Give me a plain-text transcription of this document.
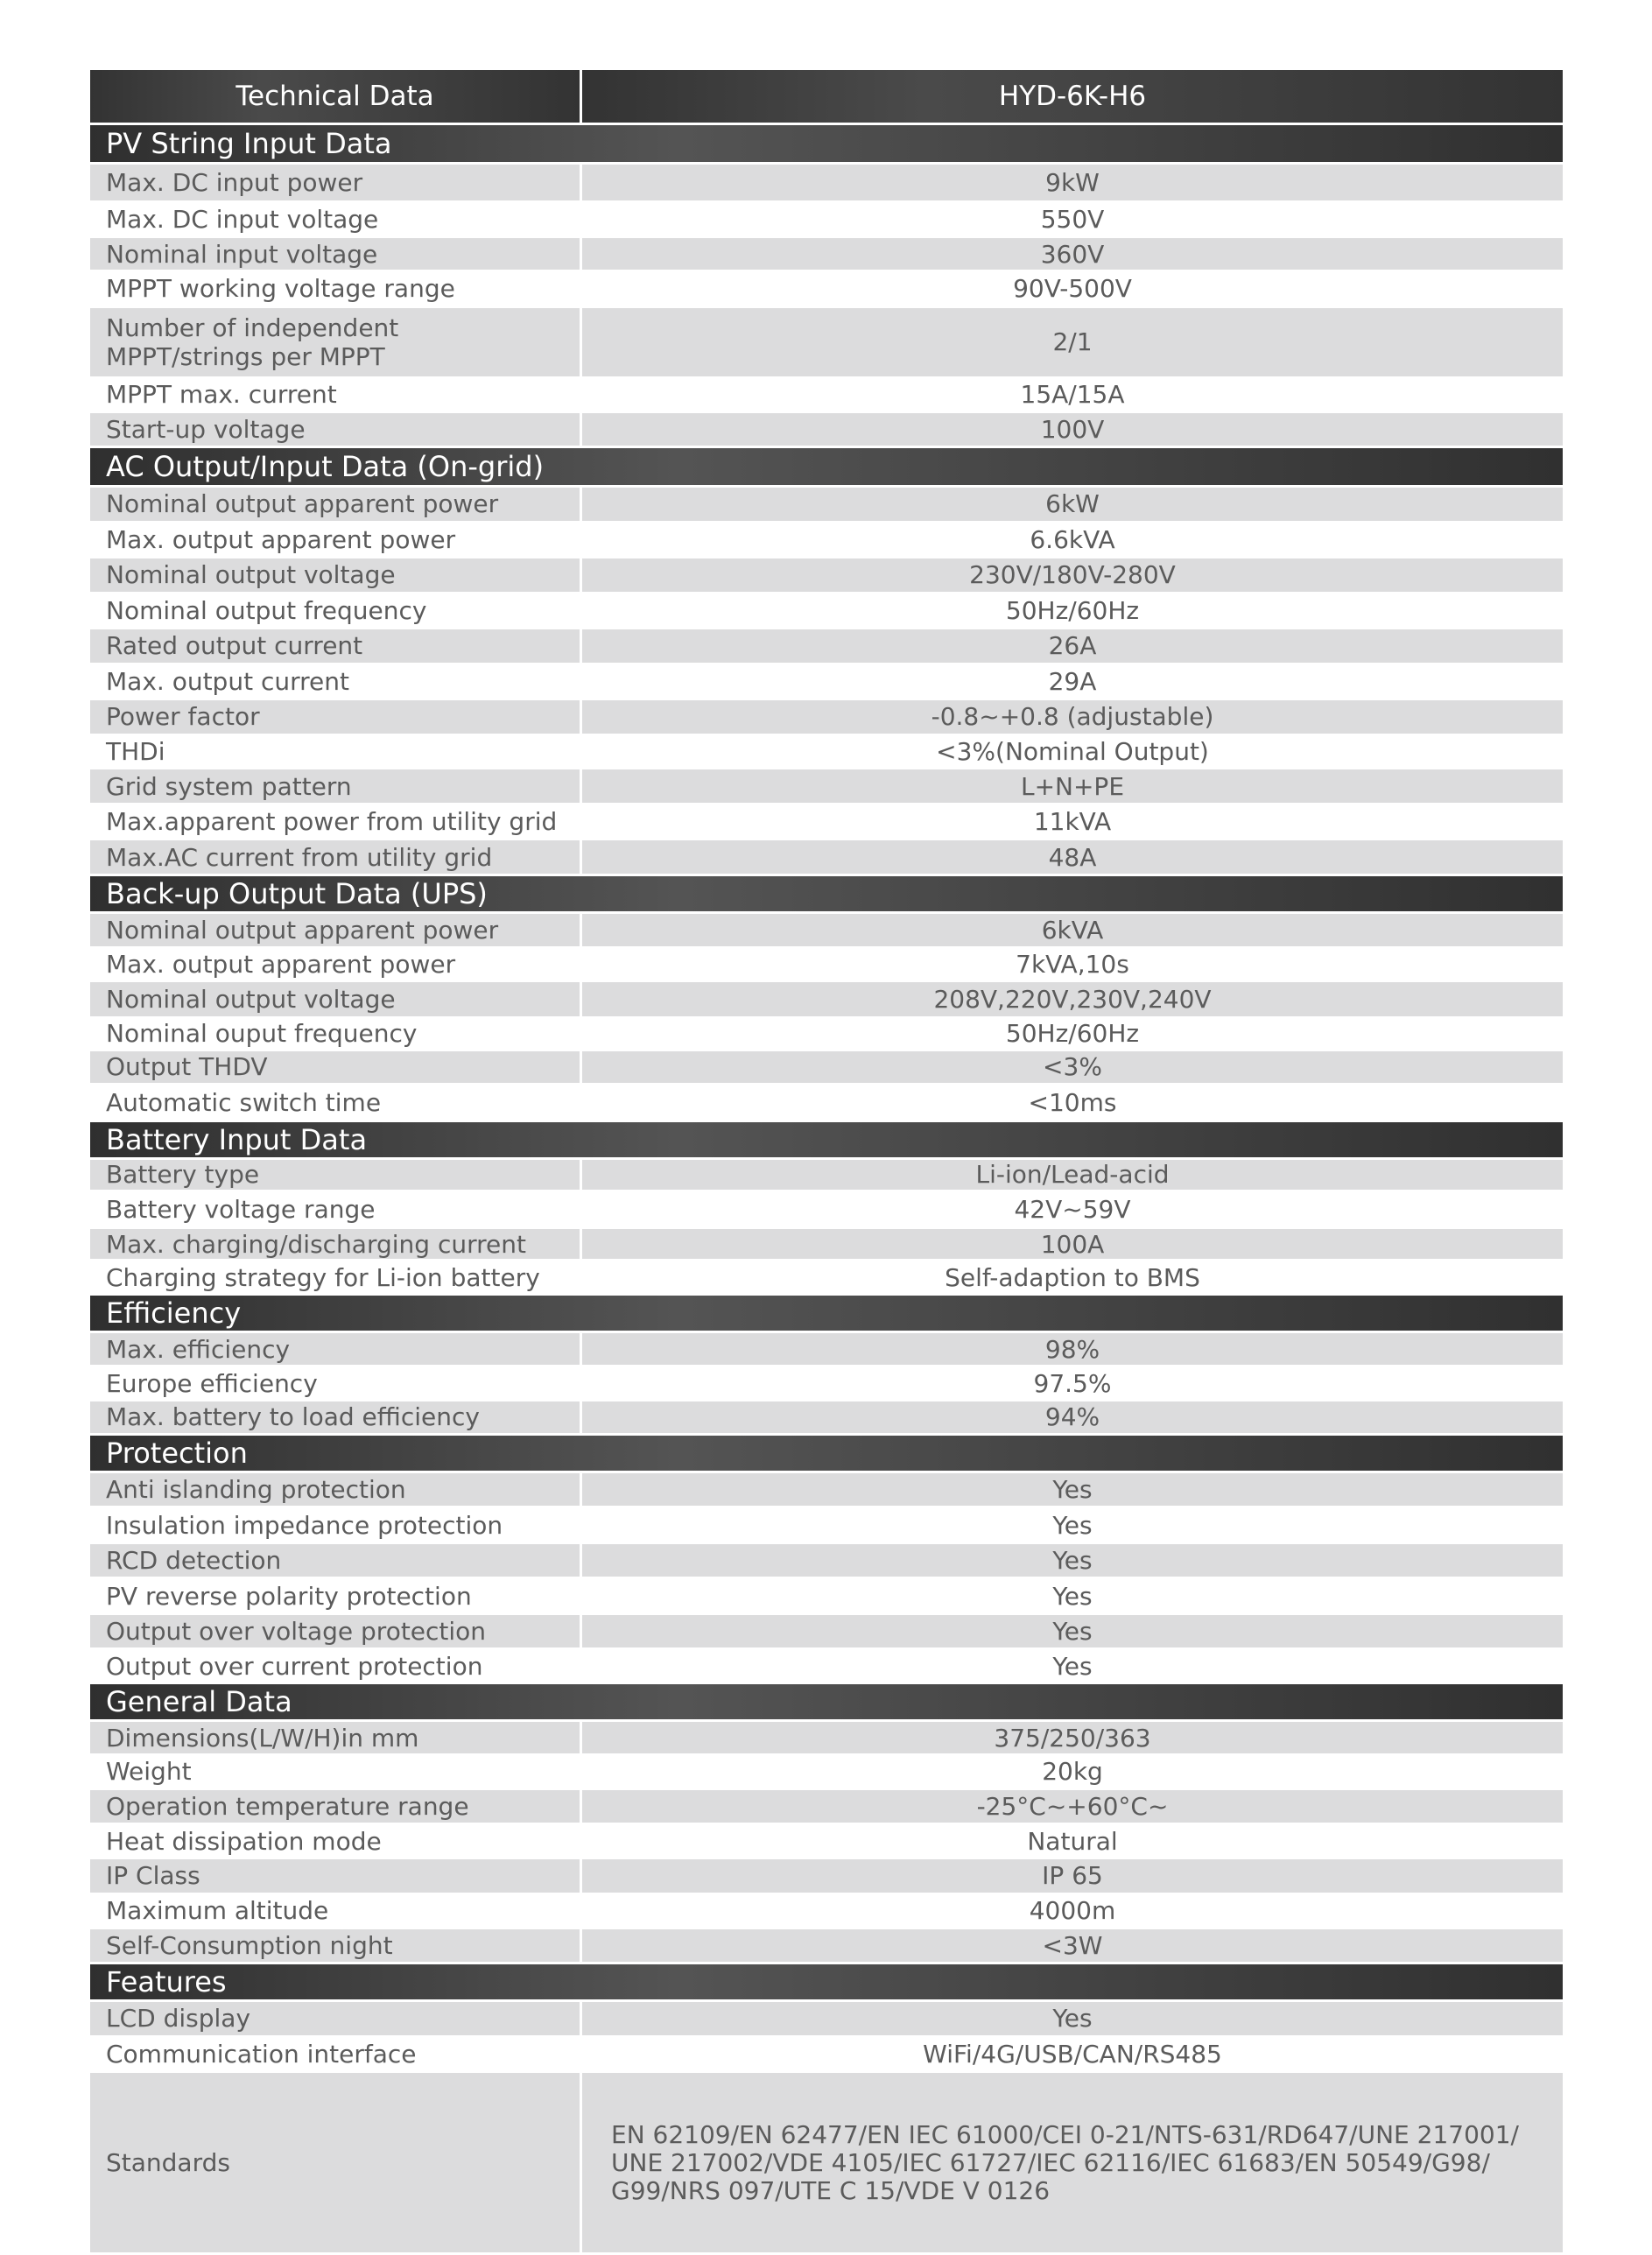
Technical Data	HYD-6K-H6
PV String Input Data
Max. DC input power	9kW
Max. DC input voltage	550V
Nominal input voltage	360V
MPPT working voltage range	90V-500V
Number of independent
MPPT/strings per MPPT	2/1
MPPT max. current	15A/15A
Start-up voltage	100V
AC Output/Input Data (On-grid)
Nominal output apparent power	6kW
Max. output apparent power	6.6kVA
Nominal output voltage	230V/180V-280V
Nominal output frequency	50Hz/60Hz
Rated output current	26A
Max. output current	29A
Power factor	-0.8~+0.8 (adjustable)
THDi	<3%(Nominal Output)
Grid system pattern	L+N+PE
Max.apparent power from utility grid	11kVA
Max.AC current from utility grid	48A
Back-up Output Data (UPS)
Nominal output apparent power	6kVA
Max. output apparent power	7kVA,10s
Nominal output voltage	208V,220V,230V,240V
Nominal ouput frequency	50Hz/60Hz
Output THDV	<3%
Automatic switch time	<10ms
Battery Input Data
Battery type	Li-ion/Lead-acid
Battery voltage range	42V~59V
Max. charging/discharging current	100A
Charging strategy for Li-ion battery	Self-adaption to BMS
Efficiency
Max. efficiency	98%
Europe efficiency	97.5%
Max. battery to load efficiency	94%
Protection
Anti islanding protection	Yes
Insulation impedance protection	Yes
RCD detection	Yes
PV reverse polarity protection	Yes
Output over voltage protection	Yes
Output over current protection	Yes
General Data
Dimensions(L/W/H)in mm	375/250/363
Weight	20kg
Operation temperature range	-25°C~+60°C~
Heat dissipation mode	Natural
IP Class	IP 65
Maximum altitude	4000m
Self-Consumption night	<3W
Features
LCD display	Yes
Communication interface	WiFi/4G/USB/CAN/RS485
Standards
EN 62109/EN 62477/EN IEC 61000/CEI 0-21/NTS-631/RD647/UNE 217001/
UNE 217002/VDE 4105/IEC 61727/IEC 62116/IEC 61683/EN 50549/G98/
G99/NRS 097/UTE C 15/VDE V 0126
